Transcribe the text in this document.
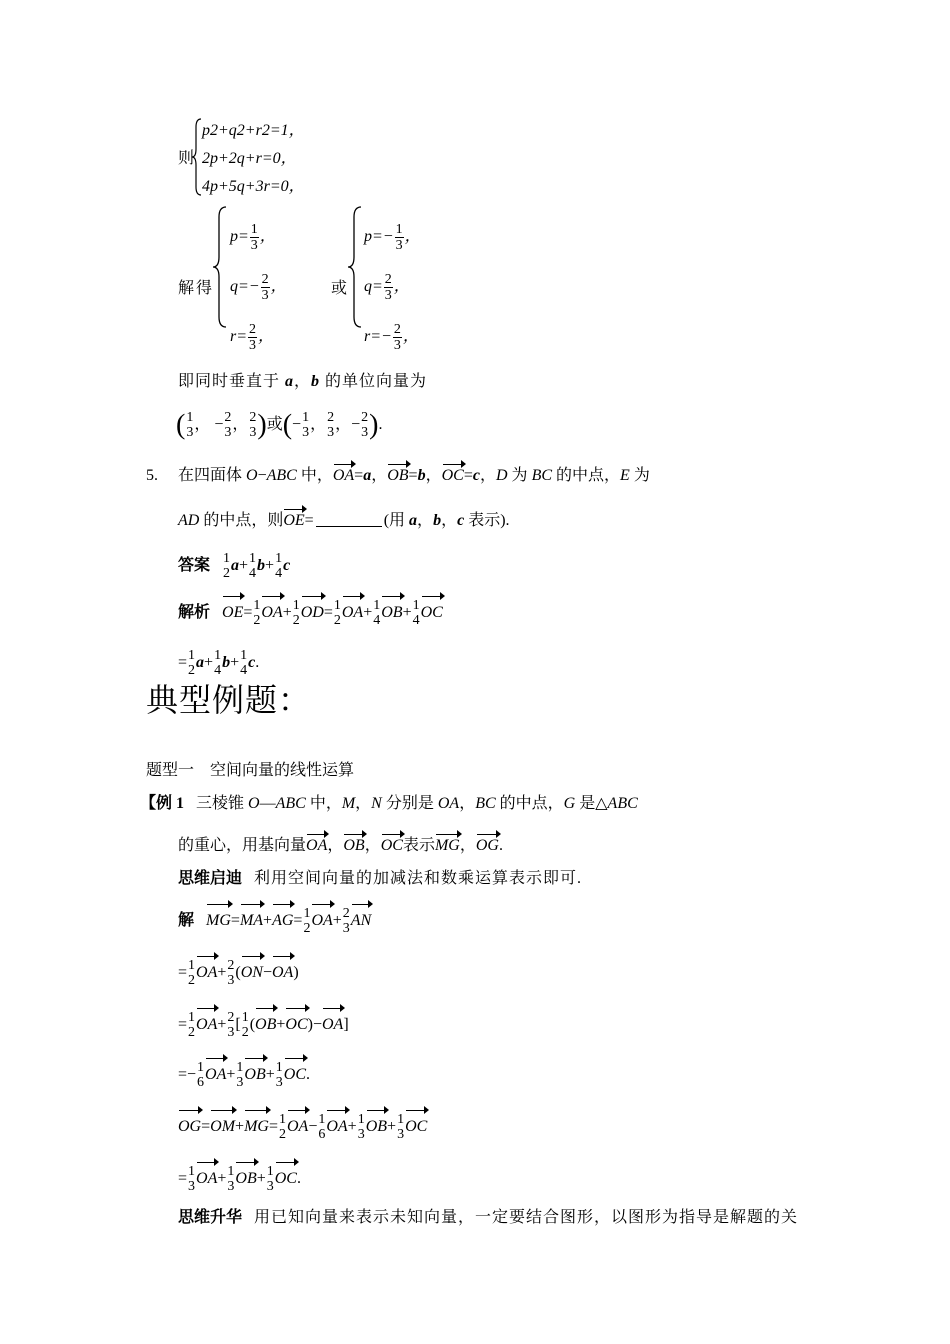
则
p2+q2+r2=1，
2p+2q+r=0，
4p+5q+3r=0，
解得
$p= \frac{1}{3}$ ，
$q=- \frac{2}{3}$ ，
$r= \frac{2}{3}$ ，
或
$p=- \frac{1}{3}$ ，
$q= \frac{2}{3}$ ，
$r=- \frac{2}{3}$ ，
即同时垂直于 a，b 的单位向量为
( 1
3 ， − 2
3 ， 2
3 )或(− 1
3 ， 2
3 ，− 2
3 ).
5. 在四面体 O−ABC 中，OA=a，OB=b，OC=c，D 为 BC 的中点，E 为
AD 的中点，则OE=	(用 a，b，c 表示).
答案 1
2 a+ 1
4 b+ 1
4 c
解析 OE= 1
2 OA+ 1
2 OD= 1
2 OA+ 1
4 OB+ 1
4 OC
= 1
2 a+ 1
4 b+ 1
4 c.
典型例题：
题型一　空间向量的线性运算
【例 1   三棱锥 O—ABC 中，M，N 分别是 OA，BC 的中点，G 是△ABC
的重心，用基向量OA，OB，OC表示MG，OG.
思维启迪 利用空间向量的加减法和数乘运算表示即可.
解 MG=MA+AG= 1
2 OA+ 2
3 AN
= 1
2 OA+ 2
3 (ON−OA)
= 1
2 OA+ 2
3 [ 1
2 (OB+OC)−OA]
=− 1
6 OA+ 1
3 OB+ 1
3 OC.
OG=OM+MG= 1
2 OA− 1
6 OA+ 1
3 OB+ 1
3 OC
= 1
3 OA+ 1
3 OB+ 1
3 OC.
思维升华 用已知向量来表示未知向量，一定要结合图形，以图形为指导是解题的关
